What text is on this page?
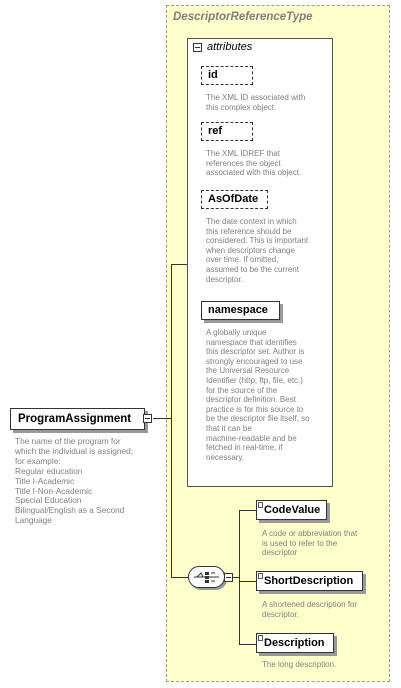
DescriptorReferenceType
attributes
id
The XML ID associated with
this complex object.
ref
The XML IDREF that
references the object
associated with this object.
AsOfDate
The date context in which
this reference should be
considered. This is important
when descriptors change
over time. If omitted,
assumed to be the current
descriptor.
namespace
A globally unique
namespace that identifies
this descriptor set. Author is
strongly encouraged to use
the Universal Resource
Identifier (http, ftp, file, etc.)
for the source of the
descriptor definition. Best
practice is for this source to
be the descriptor file itself, so
that it can be
machine-readable and be
fetched in real-time, if
necessary.
ProgramAssignment
The name of the program for
which the individual is assigned;
for example:
Regular education
Title I-Academic
Title I-Non-Academic
Special Education
Bilingual/English as a Second
Language
CodeValue
A code or abbreviation that
is used to refer to the
descriptor
ShortDescription
A shortened description for
descriptor.
Description
The long description.
